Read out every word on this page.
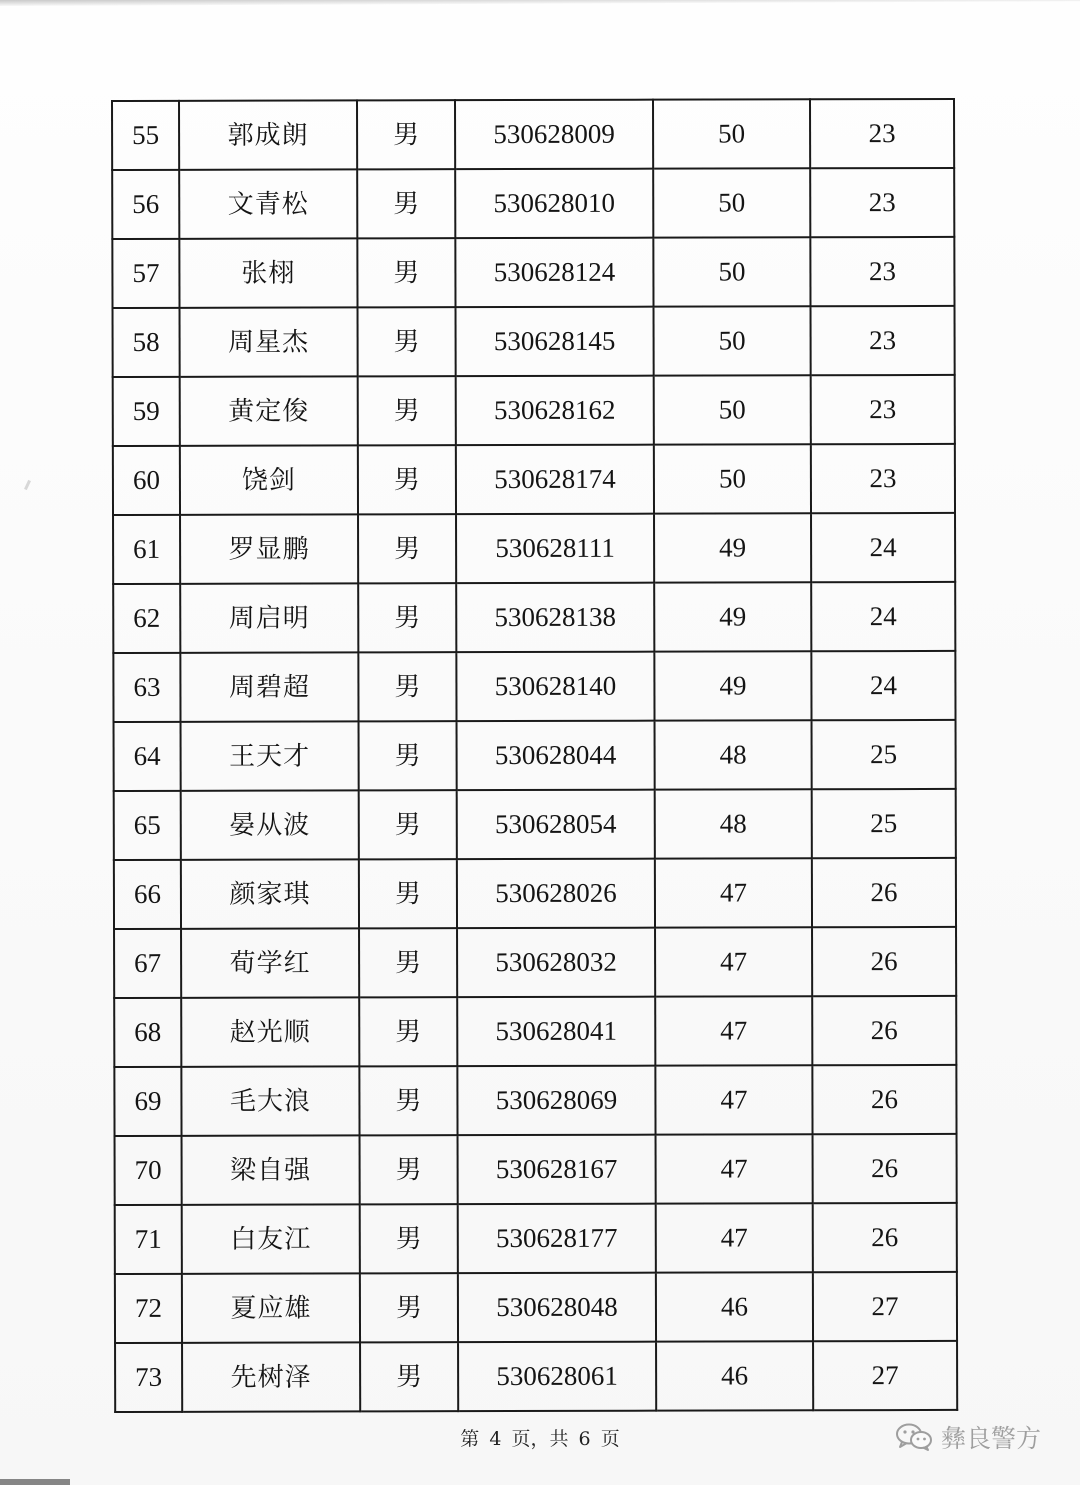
55	郭成朗	男	530628009	50	23
56	文青松	男	530628010	50	23
57	张栩	男	530628124	50	23
58	周星杰	男	530628145	50	23
59	黄定俊	男	530628162	50	23
60	饶剑	男	530628174	50	23
61	罗显鹏	男	530628111	49	24
62	周启明	男	530628138	49	24
63	周碧超	男	530628140	49	24
64	王天才	男	530628044	48	25
65	晏从波	男	530628054	48	25
66	颜家琪	男	530628026	47	26
67	荀学红	男	530628032	47	26
68	赵光顺	男	530628041	47	26
69	毛大浪	男	530628069	47	26
70	梁自强	男	530628167	47	26
71	白友江	男	530628177	47	26
72	夏应雄	男	530628048	46	27
73	先树泽	男	530628061	46	27
第 4 页，共 6 页	彝良警方
